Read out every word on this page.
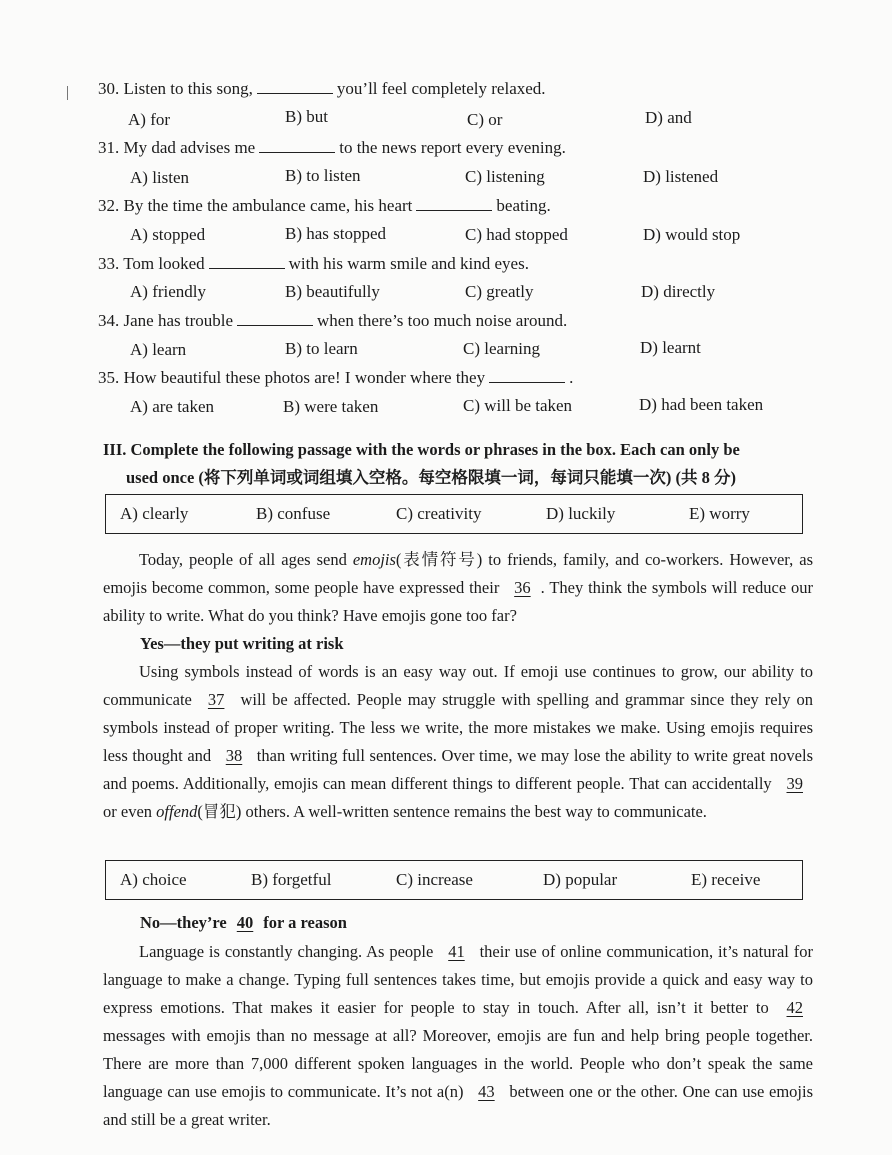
30. Listen to this song,	you’ll feel completely relaxed.
A) for	B) but	C) or	D) and
31. My dad advises me	to the news report every evening.
A) listen	B) to listen	C) listening	D) listened
32. By the time the ambulance came, his heart	beating.
A) stopped	B) has stopped	C) had stopped	D) would stop
33. Tom looked	with his warm smile and kind eyes.
A) friendly	B) beautifully	C) greatly	D) directly
34. Jane has trouble	when there’s too much noise around.
A) learn	B) to learn	C) learning	D) learnt
35. How beautiful these photos are! I wonder where they	.
A) are taken	B) were taken	C) will be taken	D) had been taken
III. Complete the following passage with the words or phrases in the box. Each can only be
used once (将下列单词或词组填入空格。每空格限填一词，每词只能填一次) (共 8 分)
A) clearly	B) confuse	C) creativity	D) luckily	E) worry
Today, people of all ages send emojis(表情符号) to friends, family, and co-workers. However, as emojis become common, some people have expressed their 36 . They think the symbols will reduce our ability to write. What do you think? Have emojis gone too far?
Yes—they put writing at risk
Using symbols instead of words is an easy way out. If emoji use continues to grow, our ability to communicate 37 will be affected. People may struggle with spelling and grammar since they rely on symbols instead of proper writing. The less we write, the more mistakes we make. Using emojis requires less thought and 38 than writing full sentences. Over time, we may lose the ability to write great novels and poems. Additionally, emojis can mean different things to different people. That can accidentally 39 or even offend(冒犯) others. A well-written sentence remains the best way to communicate.
A) choice	B) forgetful	C) increase	D) popular	E) receive
No—they’re 40 for a reason
Language is constantly changing. As people 41 their use of online communication, it’s natural for language to make a change. Typing full sentences takes time, but emojis provide a quick and easy way to express emotions. That makes it easier for people to stay in touch. After all, isn’t it better to 42 messages with emojis than no message at all? Moreover, emojis are fun and help bring people together. There are more than 7,000 different spoken languages in the world. People who don’t speak the same language can use emojis to communicate. It’s not a(n) 43 between one or the other. One can use emojis and still be a great writer.
